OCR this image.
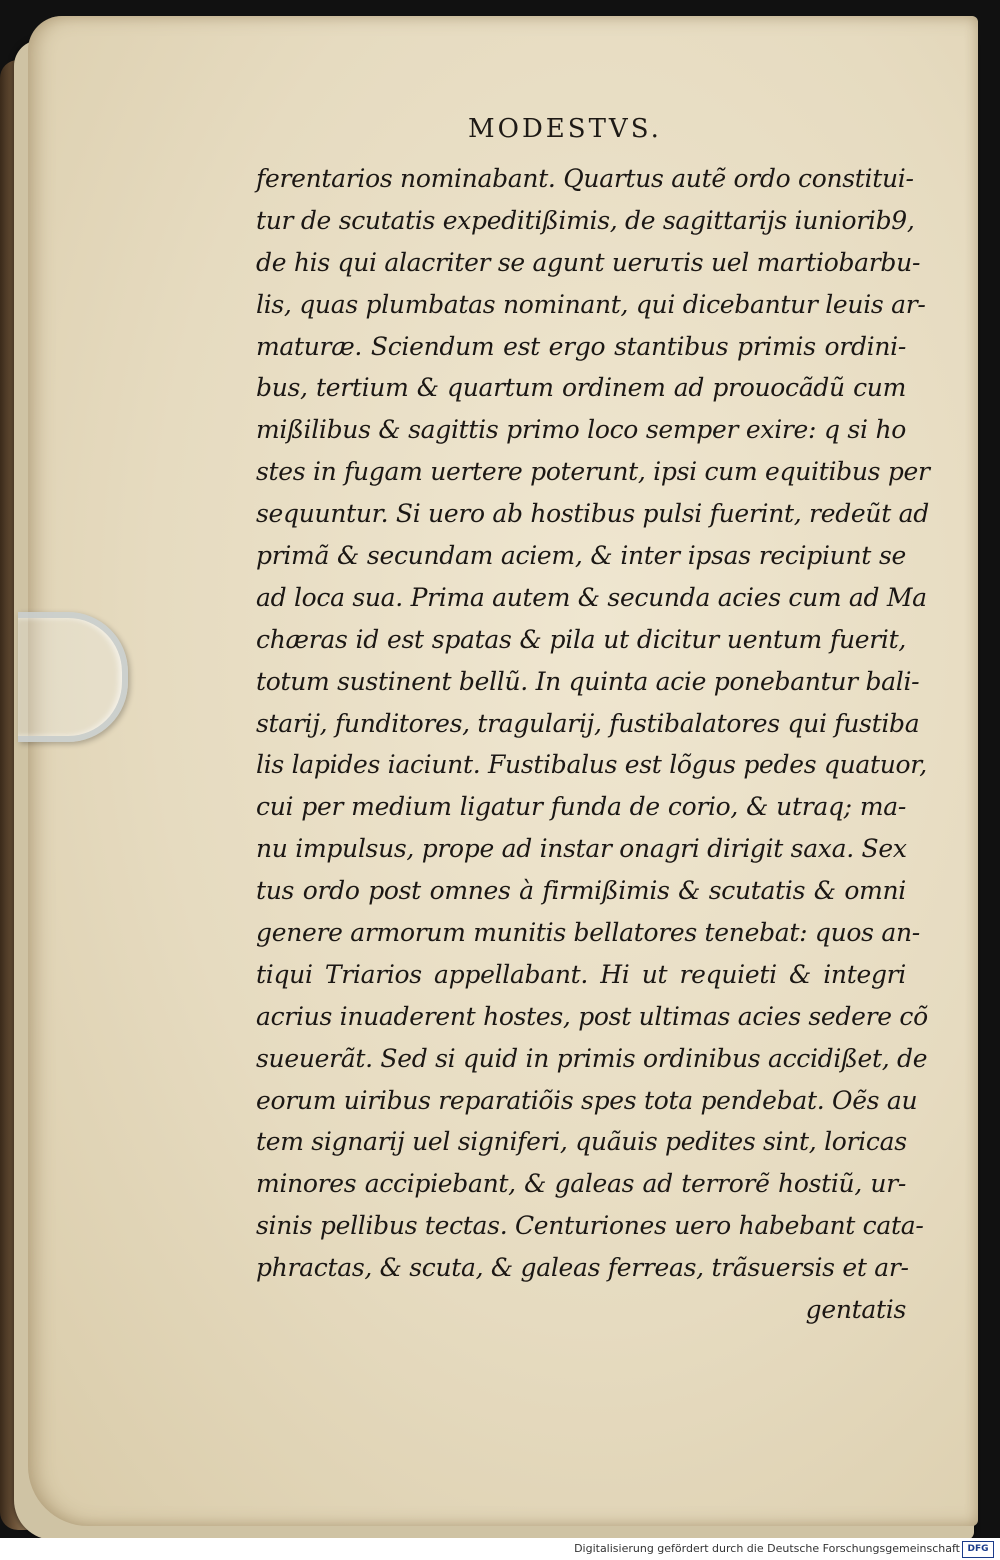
MODESTVS.
ferentarios nominabant. Quartus autẽ ordo constitui-
tur de scutatis expeditißimis, de sagittarijs iuniorib9,
de his qui alacriter se agunt ueruτis uel martiobarbu-
lis, quas plumbatas nominant, qui dicebantur leuis ar-
maturæ. Sciendum est ergo stantibus primis ordini-
bus, tertium & quartum ordinem ad prouocãdũ cum
mißilibus & sagittis primo loco semper exire: q si ho
stes in fugam uertere poterunt, ipsi cum equitibus per
sequuntur. Si uero ab hostibus pulsi fuerint, redeũt ad
primã & secundam aciem, & inter ipsas recipiunt se
ad loca sua. Prima autem & secunda acies cum ad Ma
chæras id est spatas & pila ut dicitur uentum fuerit,
totum sustinent bellũ. In quinta acie ponebantur bali-
starij, funditores, tragularij, fustibalatores qui fustiba
lis lapides iaciunt. Fustibalus est lõgus pedes quatuor,
cui per medium ligatur funda de corio, & utraq; ma-
nu impulsus, prope ad instar onagri dirigit saxa. Sex
tus ordo post omnes à firmißimis & scutatis & omni
genere armorum munitis bellatores tenebat: quos an-
tiqui Triarios appellabant. Hi ut requieti & integri
acrius inuaderent hostes, post ultimas acies sedere cõ
sueuerãt. Sed si quid in primis ordinibus accidißet, de
eorum uiribus reparatiõis spes tota pendebat. Oẽs au
tem signarij uel signiferi, quãuis pedites sint, loricas
minores accipiebant, & galeas ad terrorẽ hostiũ, ur-
sinis pellibus tectas. Centuriones uero habebant cata-
phractas, & scuta, & galeas ferreas, trãsuersis et ar-
gentatis
Digitalisierung gefördert durch die Deutsche Forschungsgemeinschaft DFG
